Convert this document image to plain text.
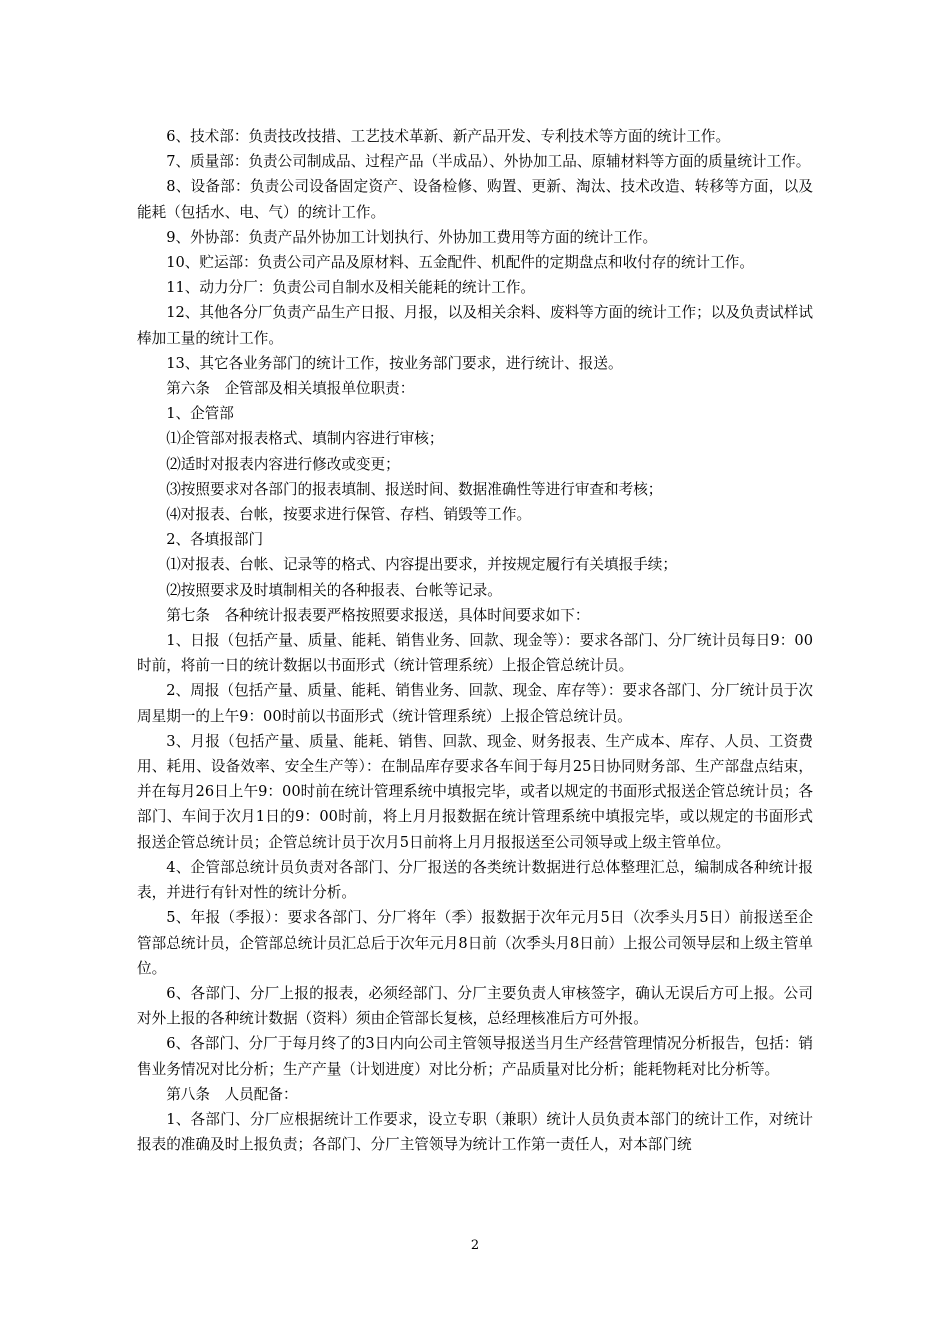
6、技术部：负责技改技措、工艺技术革新、新产品开发、专利技术等方面的统计工作。

7、质量部：负责公司制成品、过程产品（半成品）、外协加工品、原辅材料等方面的质量统计工作。

8、设备部：负责公司设备固定资产、设备检修、购置、更新、淘汰、技术改造、转移等方面，以及能耗（包括水、电、气）的统计工作。

9、外协部：负责产品外协加工计划执行、外协加工费用等方面的统计工作。

10、贮运部：负责公司产品及原材料、五金配件、机配件的定期盘点和收付存的统计工作。

11、动力分厂：负责公司自制水及相关能耗的统计工作。

12、其他各分厂负责产品生产日报、月报，以及相关余料、废料等方面的统计工作；以及负责试样试棒加工量的统计工作。

13、其它各业务部门的统计工作，按业务部门要求，进行统计、报送。

第六条　企管部及相关填报单位职责：

1、企管部

⑴企管部对报表格式、填制内容进行审核；

⑵适时对报表内容进行修改或变更；

⑶按照要求对各部门的报表填制、报送时间、数据准确性等进行审查和考核；

⑷对报表、台帐，按要求进行保管、存档、销毁等工作。

2、各填报部门

⑴对报表、台帐、记录等的格式、内容提出要求，并按规定履行有关填报手续；

⑵按照要求及时填制相关的各种报表、台帐等记录。

第七条　各种统计报表要严格按照要求报送，具体时间要求如下：

1、日报（包括产量、质量、能耗、销售业务、回款、现金等）：要求各部门、分厂统计员每日9：00时前，将前一日的统计数据以书面形式（统计管理系统）上报企管总统计员。

2、周报（包括产量、质量、能耗、销售业务、回款、现金、库存等）：要求各部门、分厂统计员于次周星期一的上午9：00时前以书面形式（统计管理系统）上报企管总统计员。

3、月报（包括产量、质量、能耗、销售、回款、现金、财务报表、生产成本、库存、人员、工资费用、耗用、设备效率、安全生产等）：在制品库存要求各车间于每月25日协同财务部、生产部盘点结束，并在每月26日上午9：00时前在统计管理系统中填报完毕，或者以规定的书面形式报送企管总统计员；各部门、车间于次月1日的9：00时前，将上月月报数据在统计管理系统中填报完毕，或以规定的书面形式报送企管总统计员；企管总统计员于次月5日前将上月月报报送至公司领导或上级主管单位。

4、企管部总统计员负责对各部门、分厂报送的各类统计数据进行总体整理汇总，编制成各种统计报表，并进行有针对性的统计分析。

5、年报（季报）：要求各部门、分厂将年（季）报数据于次年元月5日（次季头月5日）前报送至企管部总统计员，企管部总统计员汇总后于次年元月8日前（次季头月8日前）上报公司领导层和上级主管单位。

6、各部门、分厂上报的报表，必须经部门、分厂主要负责人审核签字，确认无误后方可上报。公司对外上报的各种统计数据（资料）须由企管部长复核，总经理核准后方可外报。

6、各部门、分厂于每月终了的3日内向公司主管领导报送当月生产经营管理情况分析报告，包括：销售业务情况对比分析；生产产量（计划进度）对比分析；产品质量对比分析；能耗物耗对比分析等。

第八条　人员配备：

1、各部门、分厂应根据统计工作要求，设立专职（兼职）统计人员负责本部门的统计工作，对统计报表的准确及时上报负责；各部门、分厂主管领导为统计工作第一责任人，对本部门统

2
